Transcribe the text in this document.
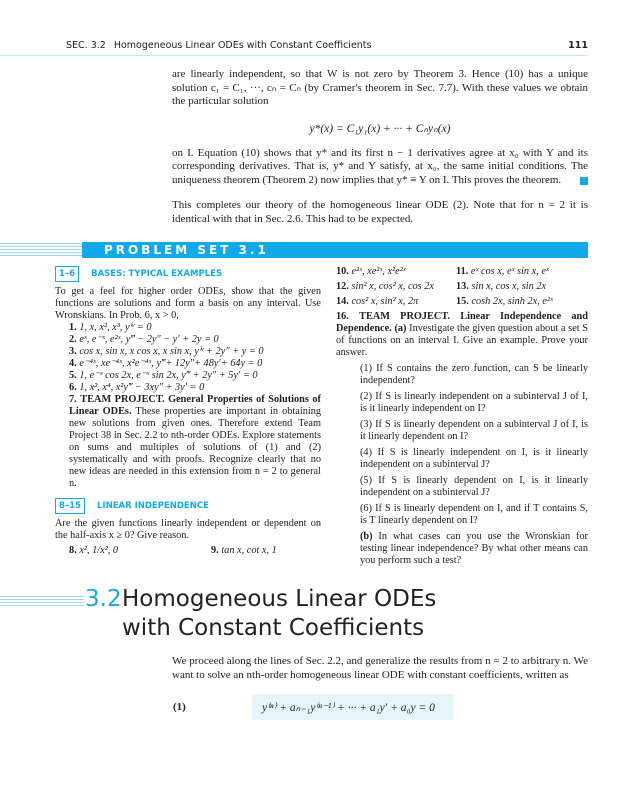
SEC. 3.2 Homogeneous Linear ODEs with Constant Coefficients	111
are linearly independent, so that W is not zero by Theorem 3. Hence (10) has a unique solution c₁ = C₁, ···, cₙ = Cₙ (by Cramer's theorem in Sec. 7.7). With these values we obtain the particular solution
y*(x) = C₁y₁(x) + ··· + Cₙyₙ(x)
on I. Equation (10) shows that y* and its first n − 1 derivatives agree at x₀ with Y and its corresponding derivatives. That is, y* and Y satisfy, at x₀, the same initial conditions. The uniqueness theorem (Theorem 2) now implies that y* ≡ Y on I. This proves the theorem.
This completes our theory of the homogeneous linear ODE (2). Note that for n = 2 it is identical with that in Sec. 2.6. This had to be expected.
PROBLEM SET 3.1
1–6	BASES: TYPICAL EXAMPLES
To get a feel for higher order ODEs, show that the given functions are solutions and form a basis on any interval. Use Wronskians. In Prob. 6, x > 0,
1. 1, x, x², x³, yⁱᵛ = 0
2. eˣ, e⁻ˣ, e²ˣ, y‴ − 2y″ − y′ + 2y = 0
3. cos x, sin x, x cos x, x sin x, yⁱᵛ + 2y″ + y = 0
4. e⁻⁴ˣ, xe⁻⁴ˣ, x²e⁻⁴ˣ, y‴+ 12y″+ 48y′+ 64y = 0
5. 1, e⁻ˣ cos 2x, e⁻ˣ sin 2x, y‴ + 2y″ + 5y′ = 0
6. 1, x², x⁴, x²y‴ − 3xy″ + 3y′ = 0
7. TEAM PROJECT. General Properties of Solutions of Linear ODEs. These properties are important in obtaining new solutions from given ones. Therefore extend Team Project 38 in Sec. 2.2 to nth-order ODEs. Explore statements on sums and multiples of solutions of (1) and (2) systematically and with proofs. Recognize clearly that no new ideas are needed in this extension from n = 2 to general n.
8–15	LINEAR INDEPENDENCE
Are the given functions linearly independent or dependent on the half-axis x ≥ 0? Give reason.
8. x², 1/x², 0	9. tan x, cot x, 1
10. e²ˣ, xe²ˣ, x²e²ˣ	11. eˣ cos x, eˣ sin x, eˣ
12. sin² x, cos² x, cos 2x	13. sin x, cos x, sin 2x
14. cos² x, sin² x, 2π	15. cosh 2x, sinh 2x, e²ˣ
16. TEAM PROJECT. Linear Independence and Dependence. (a) Investigate the given question about a set S of functions on an interval I. Give an example. Prove your answer.
(1) If S contains the zero function, can S be linearly independent?
(2) If S is linearly independent on a subinterval J of I, is it linearly independent on I?
(3) If S is linearly dependent on a subinterval J of I, is it linearly dependent on I?
(4) If S is linearly independent on I, is it linearly independent on a subinterval J?
(5) If S is linearly dependent on I, is it linearly independent on a subinterval J?
(6) If S is linearly dependent on I, and if T contains S, is T linearly dependent on I?
(b) In what cases can you use the Wronskian for testing linear independence? By what other means can you perform such a test?
3.2 Homogeneous Linear ODEs
with Constant Coefficients
We proceed along the lines of Sec. 2.2, and generalize the results from n = 2 to arbitrary n. We want to solve an nth-order homogeneous linear ODE with constant coefficients, written as
(1)	y⁽ⁿ⁾ + aₙ₋₁y⁽ⁿ⁻¹⁾ + ··· + a₁y′ + a₀y = 0
